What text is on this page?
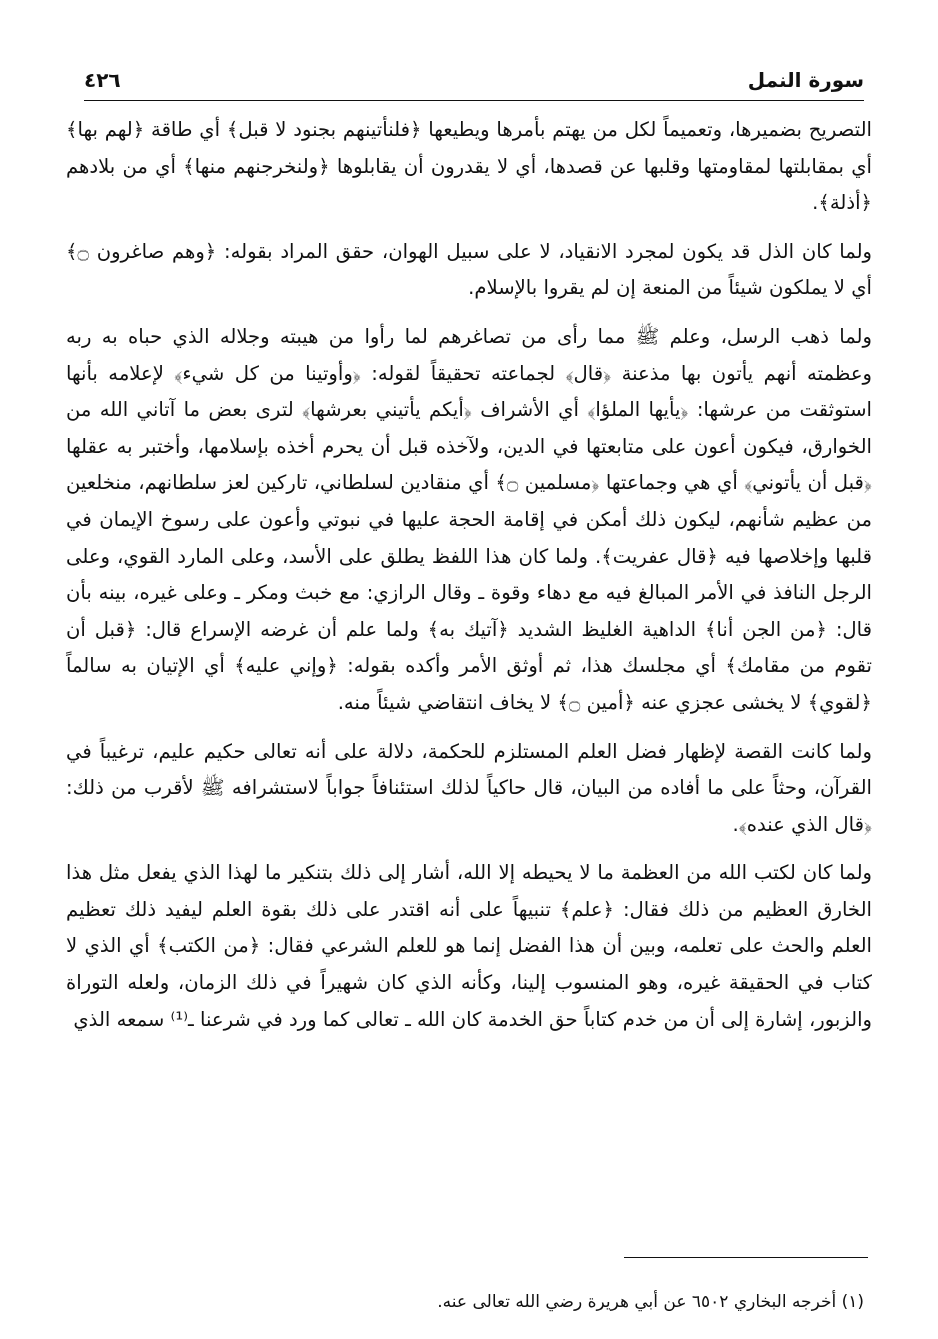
سورة النمل
٤٢٦

التصريح بضميرها، وتعميماً لكل من يهتم بأمرها ويطيعها ﴿فلنأتينهم بجنود لا قبل﴾ أي طاقة ﴿لهم بها﴾ أي بمقابلتها لمقاومتها وقلبها عن قصدها، أي لا يقدرون أن يقابلوها ﴿ولنخرجنهم منها﴾ أي من بلادهم ﴿أذلة﴾.

ولما كان الذل قد يكون لمجرد الانقياد، لا على سبيل الهوان، حقق المراد بقوله: ﴿وهم صاغرون ۝﴾ أي لا يملكون شيئاً من المنعة إن لم يقروا بالإسلام.

ولما ذهب الرسل، وعلم ﷺ مما رأى من تصاغرهم لما رأوا من هيبته وجلاله الذي حباه به ربه وعظمته أنهم يأتون بها مذعنة ﴿قال﴾ لجماعته تحقيقاً لقوله: ﴿وأوتينا من كل شيء﴾ لإعلامه بأنها استوثقت من عرشها: ﴿يأيها الملؤا﴾ أي الأشراف ﴿أيكم يأتيني بعرشها﴾ لترى بعض ما آتاني الله من الخوارق، فيكون أعون على متابعتها في الدين، ولآخذه قبل أن يحرم أخذه بإسلامها، وأختبر به عقلها ﴿قبل أن يأتوني﴾ أي هي وجماعتها ﴿مسلمين ۝﴾ أي منقادين لسلطاني، تاركين لعز سلطانهم، منخلعين من عظيم شأنهم، ليكون ذلك أمكن في إقامة الحجة عليها في نبوتي وأعون على رسوخ الإيمان في قلبها وإخلاصها فيه ﴿قال عفريت﴾. ولما كان هذا اللفظ يطلق على الأسد، وعلى المارد القوي، وعلى الرجل النافذ في الأمر المبالغ فيه مع دهاء وقوة ـ وقال الرازي: مع خبث ومكر ـ وعلى غيره، بينه بأن قال: ﴿من الجن أنا﴾ الداهية الغليظ الشديد ﴿آتيك به﴾ ولما علم أن غرضه الإسراع قال: ﴿قبل أن تقوم من مقامك﴾ أي مجلسك هذا، ثم أوثق الأمر وأكده بقوله: ﴿وإني عليه﴾ أي الإتيان به سالماً ﴿لقوي﴾ لا يخشى عجزي عنه ﴿أمين ۝﴾ لا يخاف انتقاضي شيئاً منه.

ولما كانت القصة لإظهار فضل العلم المستلزم للحكمة، دلالة على أنه تعالى حكيم عليم، ترغيباً في القرآن، وحثاً على ما أفاده من البيان، قال حاكياً لذلك استئنافاً جواباً لاستشرافه ﷺ لأقرب من ذلك: ﴿قال الذي عنده﴾.

ولما كان لكتب الله من العظمة ما لا يحيطه إلا الله، أشار إلى ذلك بتنكير ما لهذا الذي يفعل مثل هذا الخارق العظيم من ذلك فقال: ﴿علم﴾ تنبيهاً على أنه اقتدر على ذلك بقوة العلم ليفيد ذلك تعظيم العلم والحث على تعلمه، وبين أن هذا الفضل إنما هو للعلم الشرعي فقال: ﴿من الكتب﴾ أي الذي لا كتاب في الحقيقة غيره، وهو المنسوب إلينا، وكأنه الذي كان شهيراً في ذلك الزمان، ولعله التوراة والزبور، إشارة إلى أن من خدم كتاباً حق الخدمة كان الله ـ تعالى كما ورد في شرعنا ـ⁽¹⁾ سمعه الذي

(١) أخرجه البخاري ٦٥٠٢ عن أبي هريرة رضي الله تعالى عنه.
